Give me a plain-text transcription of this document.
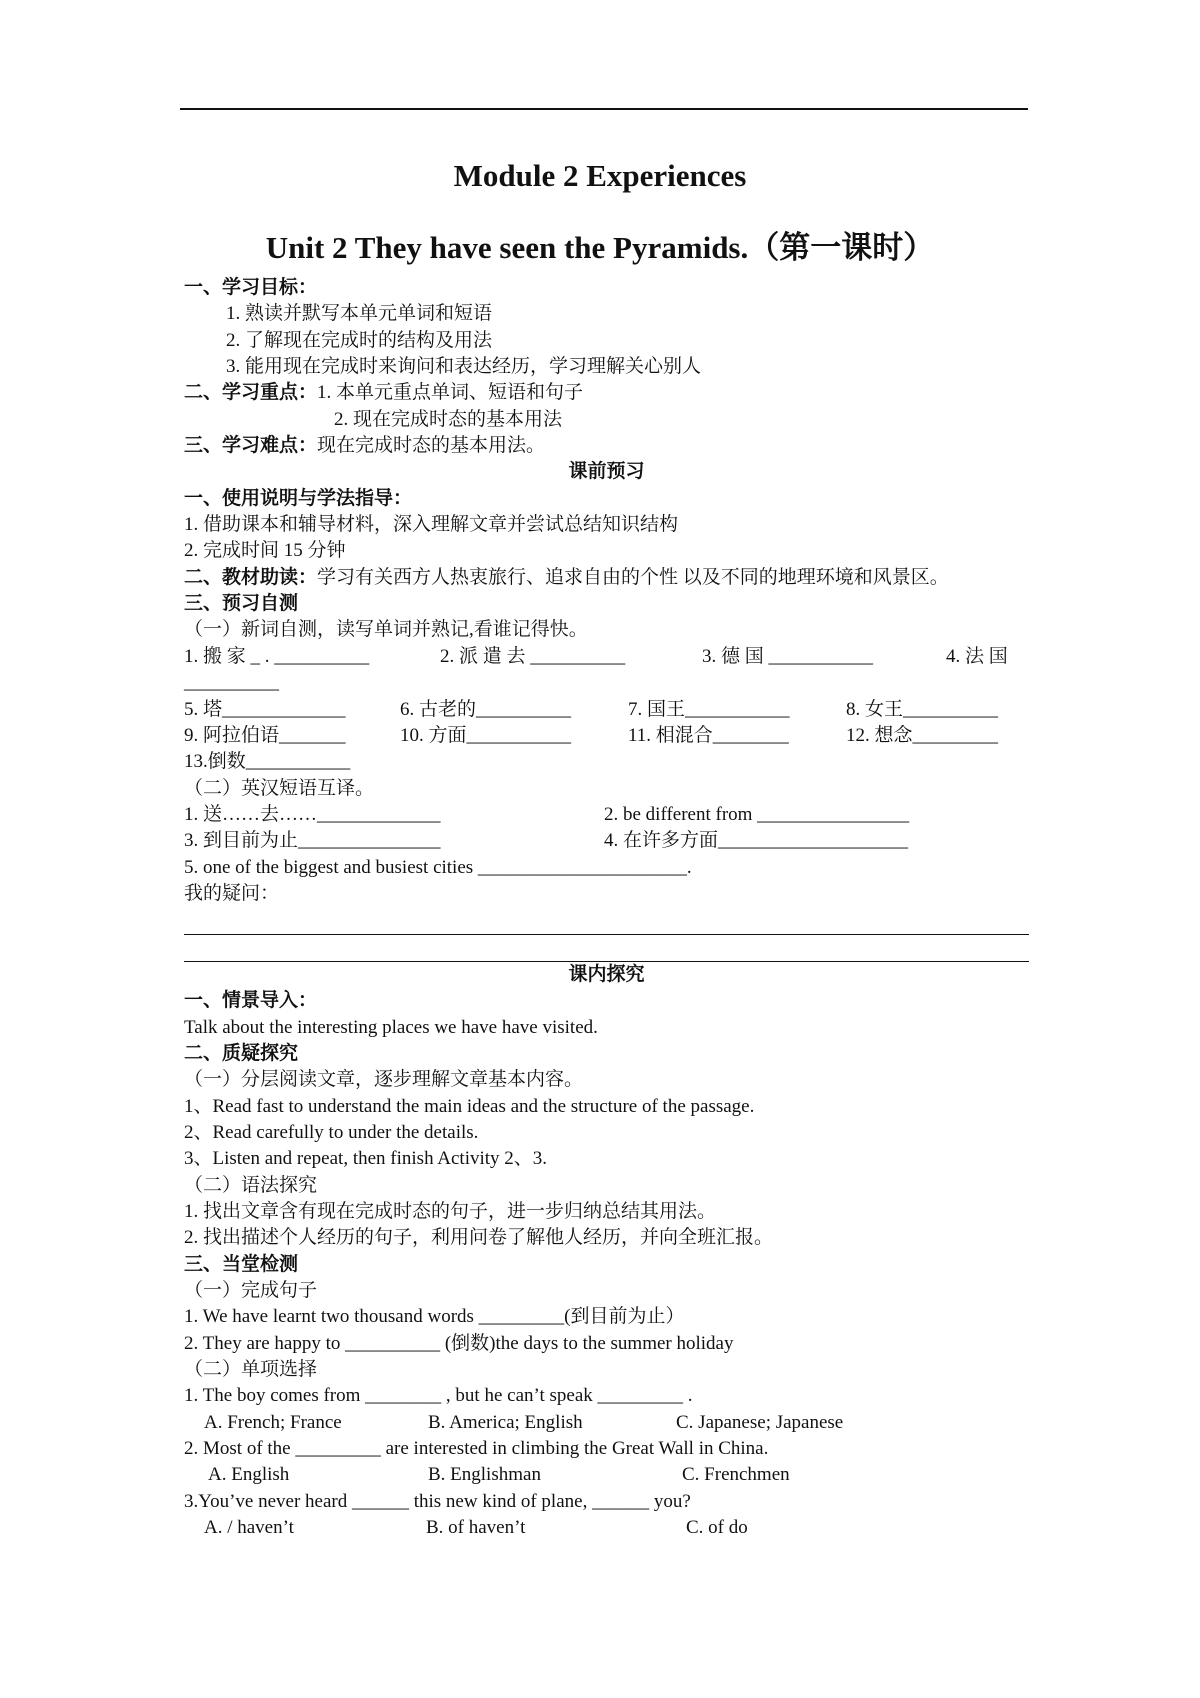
Module 2 Experiences
Unit 2 They have seen the Pyramids.（第一课时）
一、学习目标：
1. 熟读并默写本单元单词和短语
2. 了解现在完成时的结构及用法
3. 能用现在完成时来询问和表达经历，学习理解关心别人
二、学习重点：1. 本单元重点单词、短语和句子
2. 现在完成时态的基本用法
三、学习难点：现在完成时态的基本用法。
课前预习
一、使用说明与学法指导：
1. 借助课本和辅导材料，深入理解文章并尝试总结知识结构
2. 完成时间 15 分钟
二、教材助读：学习有关西方人热衷旅行、追求自由的个性 以及不同的地理环境和风景区。
三、预习自测
（一）新词自测，读写单词并熟记,看谁记得快。
1. 搬 家 _ . __________	2. 派 遣 去 __________	3. 德 国 ___________	4. 法 国
__________
5. 塔_____________	6. 古老的__________	7. 国王___________	8. 女王__________
9. 阿拉伯语_______	10. 方面___________	11. 相混合________	12. 想念_________
13.倒数___________
（二）英汉短语互译。
1. 送……去……_____________	2. be different from ________________
3. 到目前为止_______________	4. 在许多方面____________________
5. one of the biggest and busiest cities ______________________.
我的疑问：
课内探究
一、情景导入：
Talk about the interesting places we have have visited.
二、质疑探究
（一）分层阅读文章，逐步理解文章基本内容。
1、Read fast to understand the main ideas and the structure of the passage.
2、Read carefully to under the details.
3、Listen and repeat, then finish Activity 2、3.
（二）语法探究
1. 找出文章含有现在完成时态的句子，进一步归纳总结其用法。
2. 找出描述个人经历的句子，利用问卷了解他人经历，并向全班汇报。
三、当堂检测
（一）完成句子
1. We have learnt two thousand words _________(到目前为止）
2. They are happy to __________ (倒数)the days to the summer holiday
（二）单项选择
1. The boy comes from ________ , but he can’t speak _________ .
A. French; France	B. America; English	C. Japanese; Japanese
2. Most of the _________ are interested in climbing the Great Wall in China.
A. English	B. Englishman	C. Frenchmen
3.You’ve never heard ______ this new kind of plane, ______ you?
A. / haven’t	B. of haven’t	C. of do
